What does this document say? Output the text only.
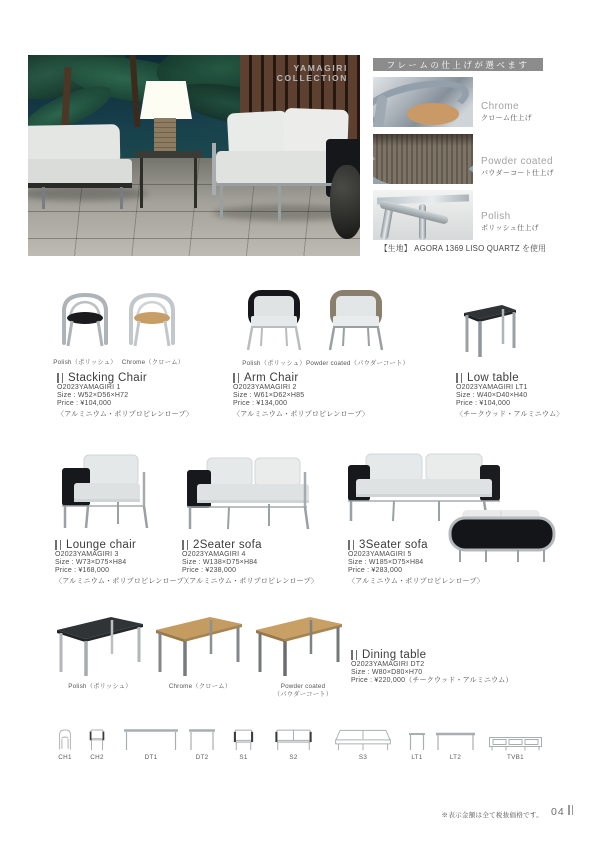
YAMAGIRI
COLLECTION
フレームの仕上げが選べます
Chrome
クローム仕上げ
Powder coated
パウダーコート仕上げ
Polish
ポリッシュ仕上げ
【生地】 AGORA 1369 LISO QUARTZ を使用
Polish（ポリッシュ） Chrome（クローム）
Stacking Chair
O2023YAMAGIRI 1
Size : W52×D56×H72
Price : ¥104,000
〈アルミニウム・ポリプロピレンロープ〉
Polish（ポリッシュ） Powder coated（パウダーコート）
Arm Chair
O2023YAMAGIRI 2
Size : W61×D62×H85
Price : ¥134,000
〈アルミニウム・ポリプロピレンロープ〉
Low table
O2023YAMAGIRI LT1
Size : W40×D40×H40
Price : ¥104,000
〈チークウッド・アルミニウム〉
Lounge chair
O2023YAMAGIRI 3
Size : W73×D75×H84
Price : ¥168,000
〈アルミニウム・ポリプロピレンロープ〉
2Seater sofa
O2023YAMAGIRI 4
Size : W138×D75×H84
Price : ¥238,000
〈アルミニウム・ポリプロピレンロープ〉
3Seater sofa
O2023YAMAGIRI 5
Size : W185×D75×H84
Price : ¥283,000
〈アルミニウム・ポリプロピレンロープ〉
Polish（ポリッシュ）	Chrome（クローム）	Powder coated
（パウダーコート）
Dining table
O2023YAMAGIRI DT2
Size : W80×D80×H70
Price : ¥220,000（チークウッド・アルミニウム）
CH1	CH2	DT1	DT2	S1	S2	S3	LT1	LT2	TVB1
※表示金額は全て税抜価格です。 04
